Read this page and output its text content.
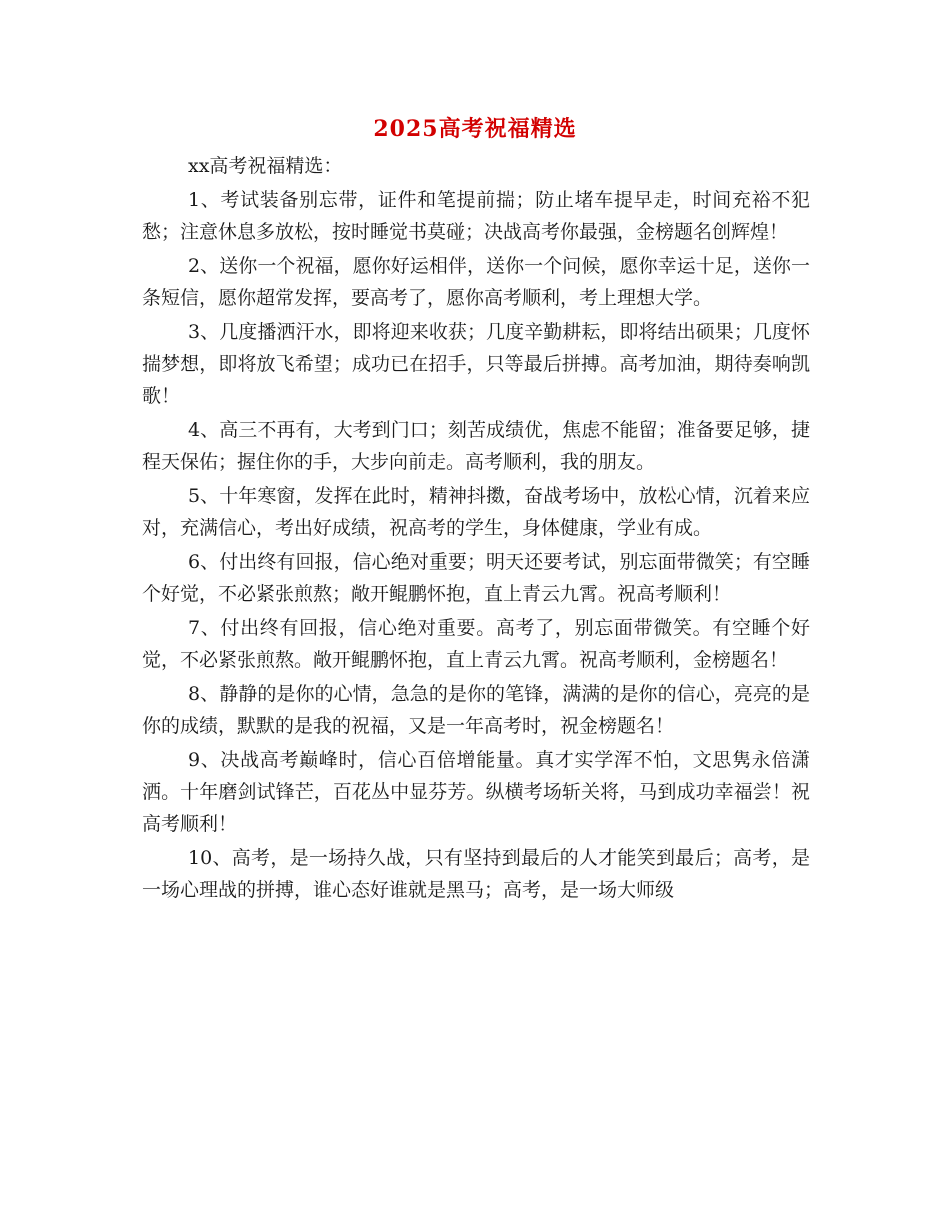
2025高考祝福精选

xx高考祝福精选：

1、考试装备别忘带，证件和笔提前揣；防止堵车提早走，时间充裕不犯愁；注意休息多放松，按时睡觉书莫碰；决战高考你最强，金榜题名创辉煌！

2、送你一个祝福，愿你好运相伴，送你一个问候，愿你幸运十足，送你一条短信，愿你超常发挥，要高考了，愿你高考顺利，考上理想大学。

3、几度播洒汗水，即将迎来收获；几度辛勤耕耘，即将结出硕果；几度怀揣梦想，即将放飞希望；成功已在招手，只等最后拼搏。高考加油，期待奏响凯歌！

4、高三不再有，大考到门口；刻苦成绩优，焦虑不能留；准备要足够，捷程天保佑；握住你的手，大步向前走。高考顺利，我的朋友。

5、十年寒窗，发挥在此时，精神抖擞，奋战考场中，放松心情，沉着来应对，充满信心，考出好成绩，祝高考的学生，身体健康，学业有成。

6、付出终有回报，信心绝对重要；明天还要考试，别忘面带微笑；有空睡个好觉，不必紧张煎熬；敞开鲲鹏怀抱，直上青云九霄。祝高考顺利！

7、付出终有回报，信心绝对重要。高考了，别忘面带微笑。有空睡个好觉，不必紧张煎熬。敞开鲲鹏怀抱，直上青云九霄。祝高考顺利，金榜题名！

8、静静的是你的心情，急急的是你的笔锋，满满的是你的信心，亮亮的是你的成绩，默默的是我的祝福，又是一年高考时，祝金榜题名！

9、决战高考巅峰时，信心百倍增能量。真才实学浑不怕，文思隽永倍潇洒。十年磨剑试锋芒，百花丛中显芬芳。纵横考场斩关将，马到成功幸福尝！祝高考顺利！

10、高考，是一场持久战，只有坚持到最后的人才能笑到最后；高考，是一场心理战的拼搏，谁心态好谁就是黑马；高考，是一场大师级
